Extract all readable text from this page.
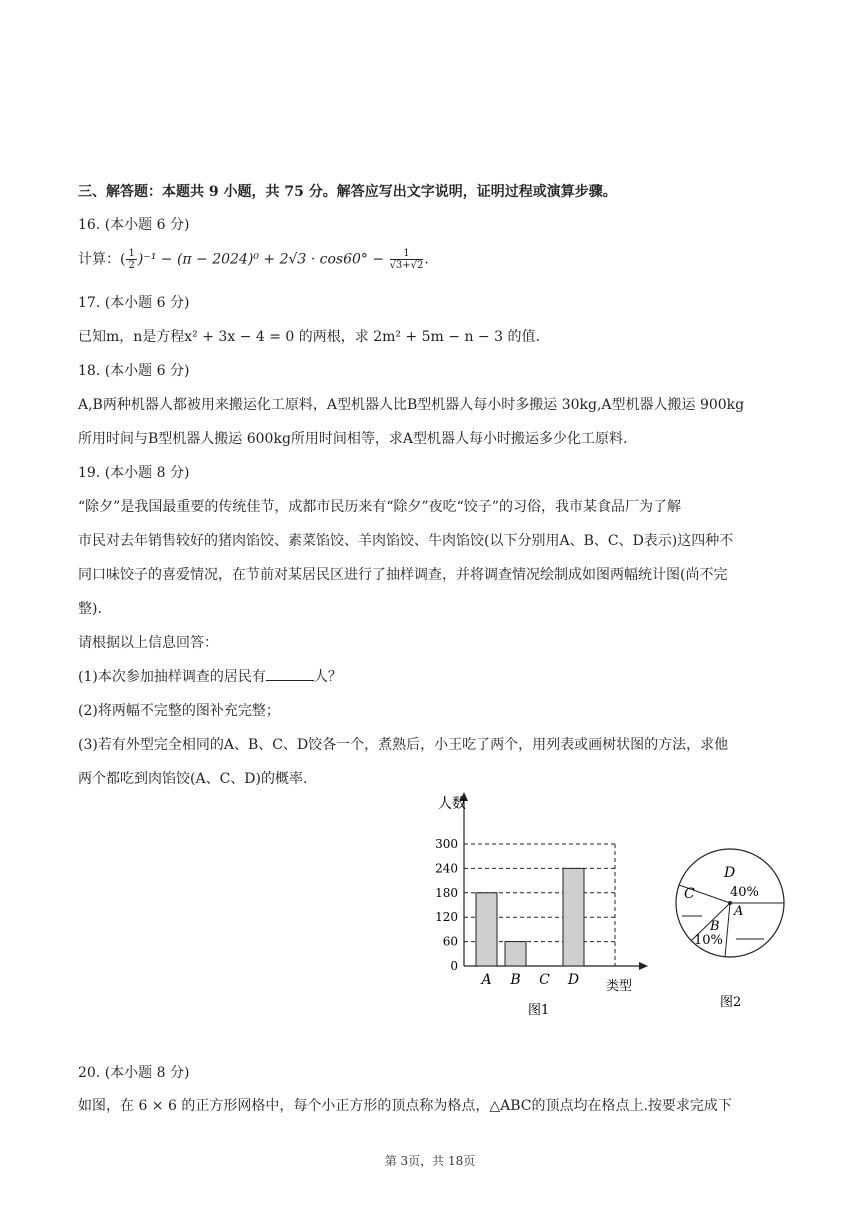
三、解答题：本题共 9 小题，共 75 分。解答应写出文字说明，证明过程或演算步骤。
16. (本小题 6 分)
计算：( $\frac{1}{2} )^{-1} - (\pi - 2024)^0 + 2√3 \cdot \cos 60^\circ - \frac{1}{√3+√2}$ .
17. (本小题 6 分)
已知m，n是方程x² + 3x − 4 = 0 的两根，求 2m² + 5m − n − 3 的值.
18. (本小题 6 分)
A,B两种机器人都被用来搬运化工原料，A型机器人比B型机器人每小时多搬运 30kg,A型机器人搬运 900kg
所用时间与B型机器人搬运 600kg所用时间相等，求A型机器人每小时搬运多少化工原料.
19. (本小题 8 分)
“除夕”是我国最重要的传统佳节，成都市民历来有“除夕”夜吃“饺子”的习俗，我市某食品厂为了解
市民对去年销售较好的猪肉馅饺、素菜馅饺、羊肉馅饺、牛肉馅饺(以下分别用A、B、C、D表示)这四种不
同口味饺子的喜爱情况，在节前对某居民区进行了抽样调查，并将调查情况绘制成如图两幅统计图(尚不完
整).
请根据以上信息回答：
(1)本次参加抽样调查的居民有	人？
(2)将两幅不完整的图补充完整；
(3)若有外型完全相同的A、B、C、D饺各一个，煮熟后，小王吃了两个，用列表或画树状图的方法，求他
两个都吃到肉馅饺(A、C、D)的概率.
0
60
120
180
240
300
A B C D
人数
类型
图1
D
40%
C
B
10%
A
图2
20. (本小题 8 分)
如图，在 6 × 6 的正方形网格中，每个小正方形的顶点称为格点，△ABC的顶点均在格点上.按要求完成下
第 3页，共 18页
